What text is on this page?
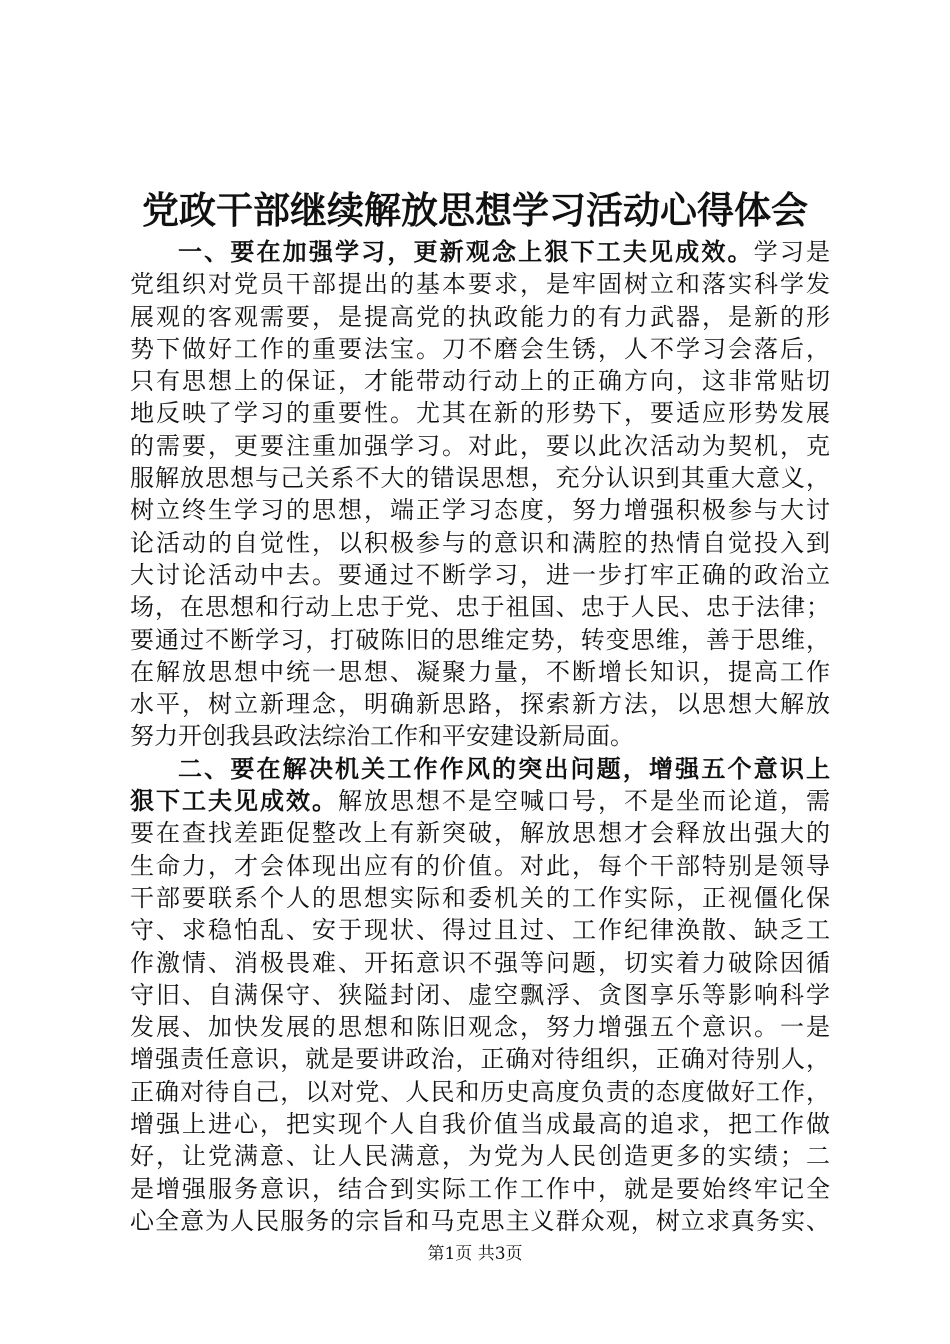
党政干部继续解放思想学习活动心得体会
一、要在加强学习，更新观念上狠下工夫见成效。学习是
党组织对党员干部提出的基本要求，是牢固树立和落实科学发
展观的客观需要，是提高党的执政能力的有力武器，是新的形
势下做好工作的重要法宝。刀不磨会生锈，人不学习会落后，
只有思想上的保证，才能带动行动上的正确方向，这非常贴切
地反映了学习的重要性。尤其在新的形势下，要适应形势发展
的需要，更要注重加强学习。对此，要以此次活动为契机，克
服解放思想与己关系不大的错误思想，充分认识到其重大意义，
树立终生学习的思想，端正学习态度，努力增强积极参与大讨
论活动的自觉性，以积极参与的意识和满腔的热情自觉投入到
大讨论活动中去。要通过不断学习，进一步打牢正确的政治立
场，在思想和行动上忠于党、忠于祖国、忠于人民、忠于法律；
要通过不断学习，打破陈旧的思维定势，转变思维，善于思维，
在解放思想中统一思想、凝聚力量，不断增长知识，提高工作
水平，树立新理念，明确新思路，探索新方法，以思想大解放
努力开创我县政法综治工作和平安建设新局面。
二、要在解决机关工作作风的突出问题，增强五个意识上
狠下工夫见成效。解放思想不是空喊口号，不是坐而论道，需
要在查找差距促整改上有新突破，解放思想才会释放出强大的
生命力，才会体现出应有的价值。对此，每个干部特别是领导
干部要联系个人的思想实际和委机关的工作实际，正视僵化保
守、求稳怕乱、安于现状、得过且过、工作纪律涣散、缺乏工
作激情、消极畏难、开拓意识不强等问题，切实着力破除因循
守旧、自满保守、狭隘封闭、虚空飘浮、贪图享乐等影响科学
发展、加快发展的思想和陈旧观念，努力增强五个意识。一是
增强责任意识，就是要讲政治，正确对待组织，正确对待别人，
正确对待自己，以对党、人民和历史高度负责的态度做好工作，
增强上进心，把实现个人自我价值当成最高的追求，把工作做
好，让党满意、让人民满意，为党为人民创造更多的实绩；二
是增强服务意识，结合到实际工作工作中，就是要始终牢记全
心全意为人民服务的宗旨和马克思主义群众观，树立求真务实、
第1页 共3页
